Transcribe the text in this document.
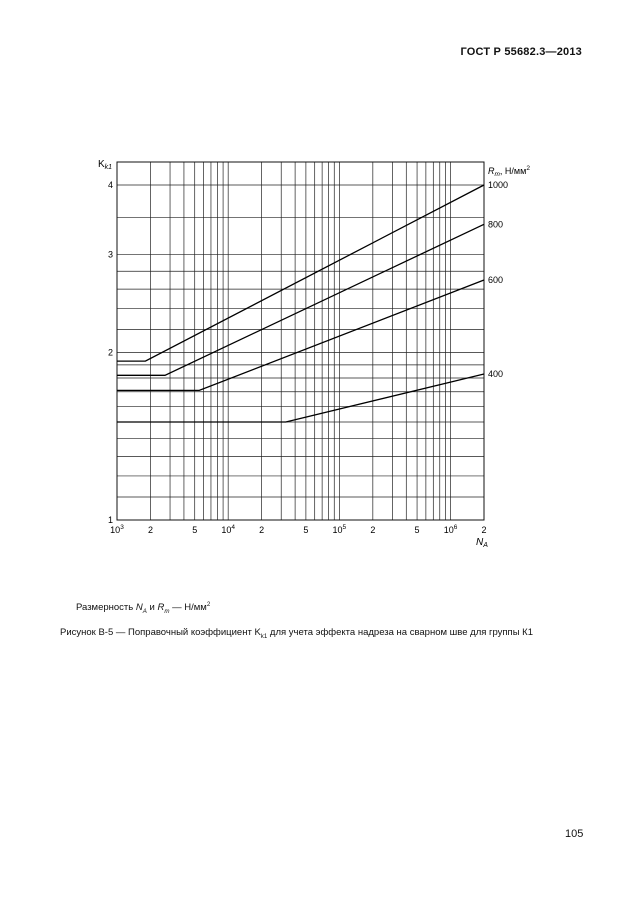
ГОСТ Р 55682.3—2013
1000
800
600
400
1
2
3
4
$10^3$	2	5	$10^4$	2	5	$10^5$	2	5	$10^6$	2
$K_{k1}$
$N_A$
$R_m$, $Н/мм^2$
Размерность $N_A$ и $R_m$ — $Н/мм^2$
Рисунок В-5 — Поправочный коэффициент $K_{k1}$ для учета эффекта надреза на сварном шве для группы К1
105
